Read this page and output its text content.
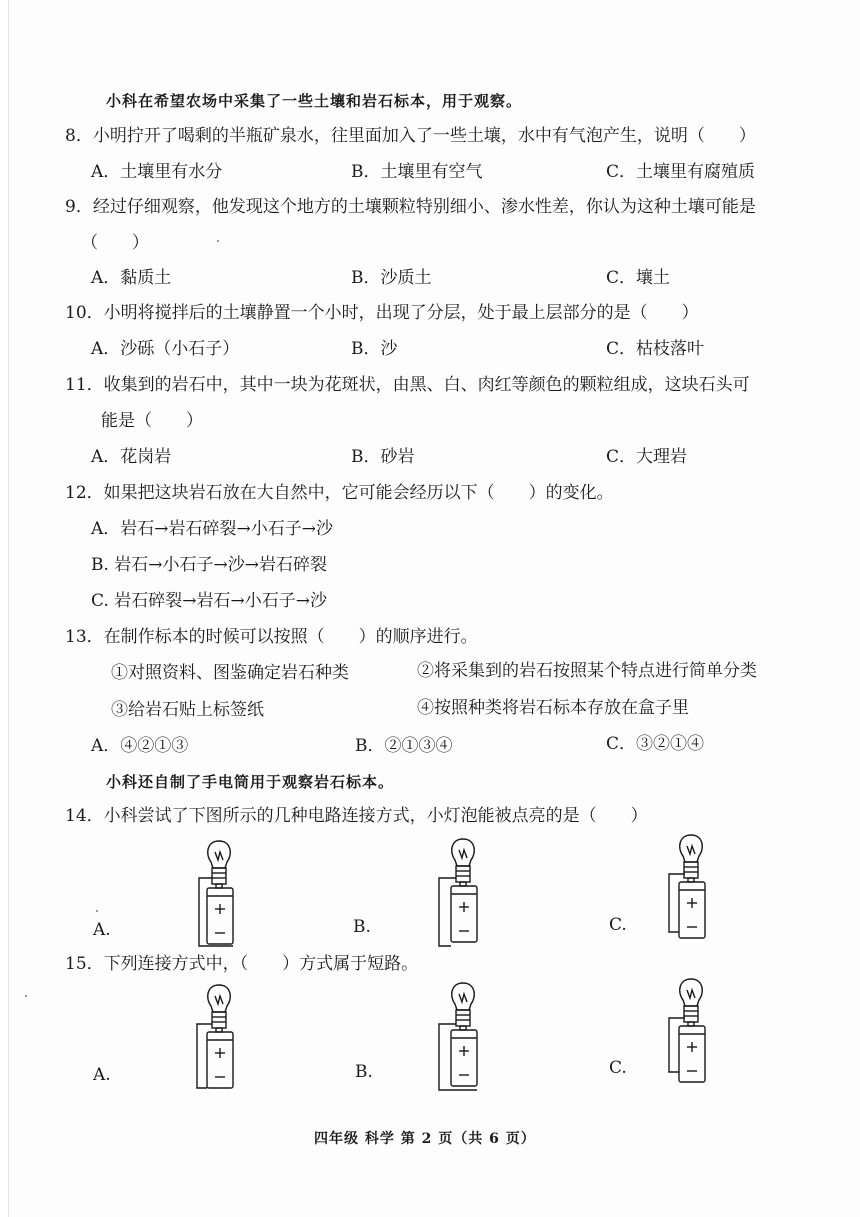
小科在希望农场中采集了一些土壤和岩石标本，用于观察。
8．小明拧开了喝剩的半瓶矿泉水，往里面加入了一些土壤，水中有气泡产生，说明（　　）
A．土壤里有水分	B．土壤里有空气	C．土壤里有腐殖质
9．经过仔细观察，他发现这个地方的土壤颗粒特别细小、渗水性差，你认为这种土壤可能是
（　　）
A．黏质土	B．沙质土	C．壤土
10．小明将搅拌后的土壤静置一个小时，出现了分层，处于最上层部分的是（　　）
A．沙砾（小石子）	B．沙	C．枯枝落叶
11．收集到的岩石中，其中一块为花斑状，由黑、白、肉红等颜色的颗粒组成，这块石头可
能是（　　）
A．花岗岩	B．砂岩	C．大理岩
12．如果把这块岩石放在大自然中，它可能会经历以下（　　）的变化。
A．岩石→岩石碎裂→小石子→沙
B. 岩石→小石子→沙→岩石碎裂
C. 岩石碎裂→岩石→小石子→沙
13．在制作标本的时候可以按照（　　）的顺序进行。
①对照资料、图鉴确定岩石种类	②将采集到的岩石按照某个特点进行简单分类
③给岩石贴上标签纸	④按照种类将岩石标本存放在盒子里
A．④②①③	B．②①③④	C．③②①④
小科还自制了手电筒用于观察岩石标本。
14．小科尝试了下图所示的几种电路连接方式，小灯泡能被点亮的是（　　）
A.	B.	C.
15．下列连接方式中，（　　）方式属于短路。
A.	B.	C.
四年级 科学 第 2 页（共 6 页）
